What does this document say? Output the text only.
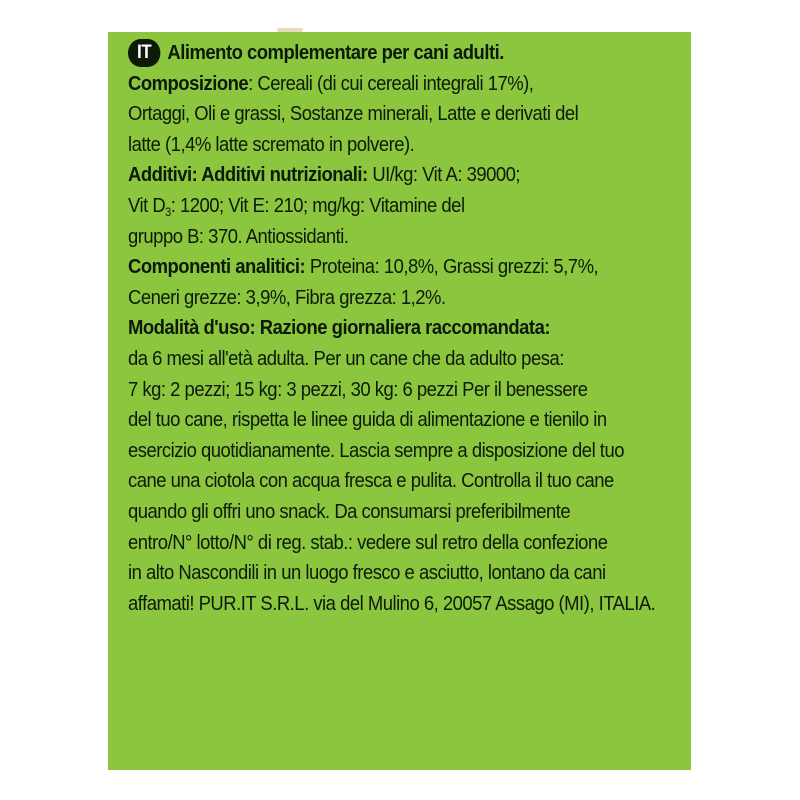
IT Alimento complementare per cani adulti.
Composizione: Cereali (di cui cereali integrali 17%),
Ortaggi, Oli e grassi, Sostanze minerali, Latte e derivati del
latte (1,4% latte scremato in polvere).
Additivi: Additivi nutrizionali: UI/kg: Vit A: 39000;
Vit $D_3$: 1200; Vit E: 210; mg/kg: Vitamine del
gruppo B: 370. Antiossidanti.
Componenti analitici: Proteina: 10,8%, Grassi grezzi: 5,7%,
Ceneri grezze: 3,9%, Fibra grezza: 1,2%.
Modalità d'uso: Razione giornaliera raccomandata:
da 6 mesi all'età adulta. Per un cane che da adulto pesa:
7 kg: 2 pezzi; 15 kg: 3 pezzi, 30 kg: 6 pezzi Per il benessere
del tuo cane, rispetta le linee guida di alimentazione e tienilo in
esercizio quotidianamente. Lascia sempre a disposizione del tuo
cane una ciotola con acqua fresca e pulita. Controlla il tuo cane
quando gli offri uno snack. Da consumarsi preferibilmente
entro/N° lotto/N° di reg. stab.: vedere sul retro della confezione
in alto Nascondili in un luogo fresco e asciutto, lontano da cani
affamati! PUR.IT S.R.L. via del Mulino 6, 20057 Assago (MI), ITALIA.
